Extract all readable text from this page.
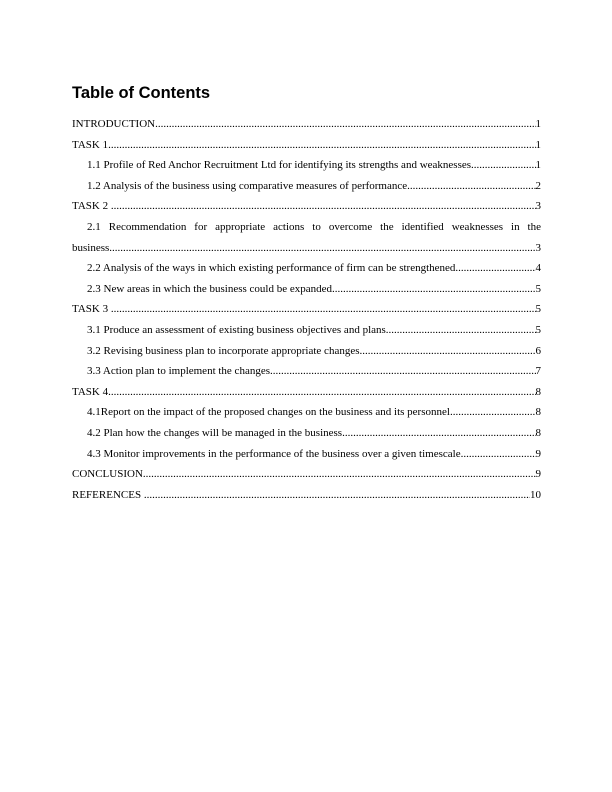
Table of Contents
INTRODUCTION .....	1
TASK 1 .....	1
1.1 Profile of Red Anchor Recruitment Ltd for identifying its strengths and weaknesses .....	1
1.2 Analysis of the business using comparative measures of performance .....	2
TASK 2 .....	3
2.1 Recommendation for appropriate actions to overcome the identified weaknesses in the
business .....	3
2.2 Analysis of the ways in which existing performance of firm can be strengthened .....	4
2.3 New areas in which the business could be expanded .....	5
TASK 3 .....	5
3.1 Produce an assessment of existing business objectives and plans .....	5
3.2 Revising business plan to incorporate appropriate changes .....	6
3.3 Action plan to implement the changes .....	7
TASK 4 .....	8
4.1Report on the impact of the proposed changes on the business and its personnel .....	8
4.2 Plan how the changes will be managed in the business .....	8
4.3 Monitor improvements in the performance of the business over a given timescale .....	9
CONCLUSION .....	9
REFERENCES .....	10
